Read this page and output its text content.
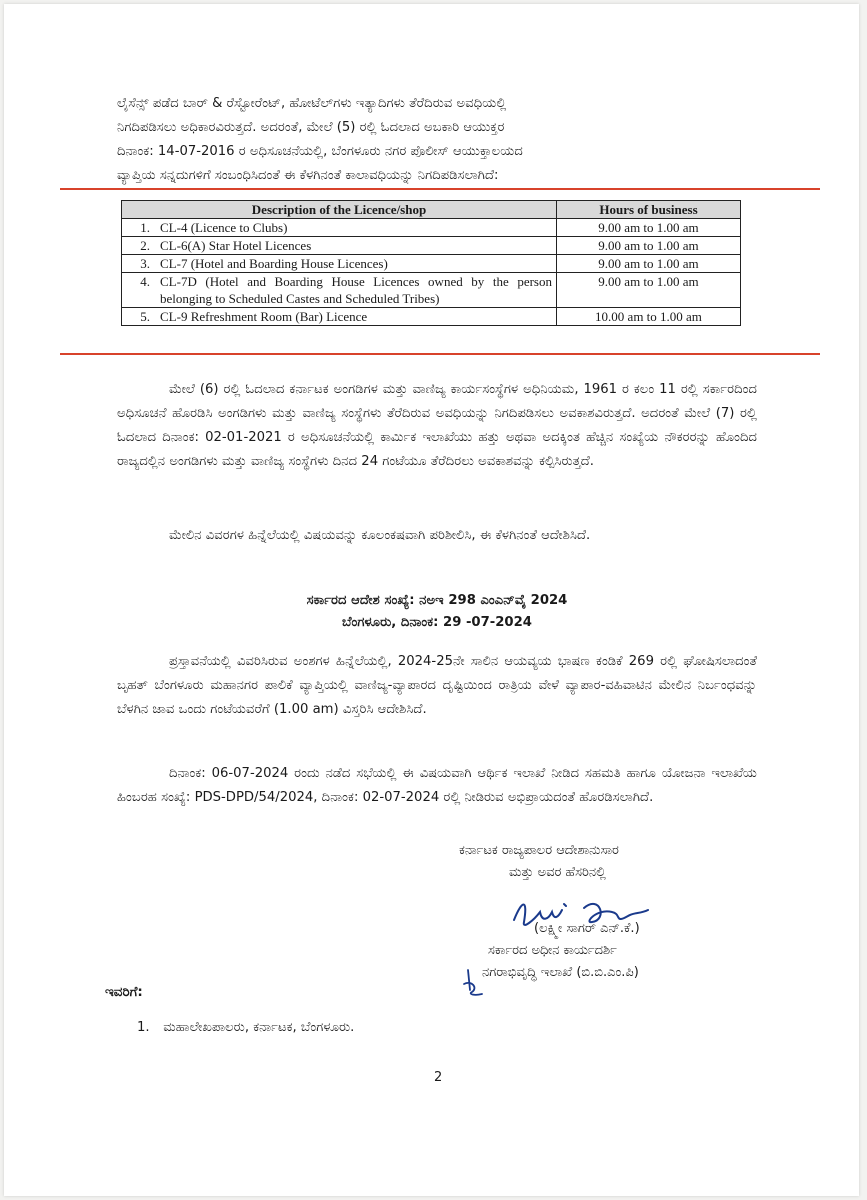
ಲೈಸೆನ್ಸ್ ಪಡೆದ ಬಾರ್ & ರೆಸ್ಟೋರೆಂಟ್, ಹೋಟೆಲ್‌ಗಳು ಇತ್ಯಾದಿಗಳು ತೆರೆದಿರುವ ಅವಧಿಯಲ್ಲಿ
ನಿಗದಿಪಡಿಸಲು ಅಧಿಕಾರವಿರುತ್ತದೆ. ಅದರಂತೆ, ಮೇಲೆ (5) ರಲ್ಲಿ ಓದಲಾದ ಅಬಕಾರಿ ಆಯುಕ್ತರ
ದಿನಾಂಕ: 14-07-2016 ರ ಅಧಿಸೂಚನೆಯಲ್ಲಿ, ಬೆಂಗಳೂರು ನಗರ ಪೊಲೀಸ್ ಆಯುಕ್ತಾಲಯದ
ವ್ಯಾಪ್ತಿಯ ಸನ್ನದುಗಳಿಗೆ ಸಂಬಂಧಿಸಿದಂತೆ ಈ ಕೆಳಗಿನಂತೆ ಕಾಲಾವಧಿಯನ್ನು ನಿಗದಿಪಡಿಸಲಾಗಿದೆ:
Description of the Licence/shop	Hours of business
1. CL-4 (Licence to Clubs)	9.00 am to 1.00 am
2. CL-6(A) Star Hotel Licences	9.00 am to 1.00 am
3. CL-7 (Hotel and Boarding House Licences)	9.00 am to 1.00 am
4. CL-7D (Hotel and Boarding House Licences owned by the person belonging to Scheduled Castes and Scheduled Tribes)	9.00 am to 1.00 am
5. CL-9 Refreshment Room (Bar) Licence	10.00 am to 1.00 am

ಮೇಲೆ (6) ರಲ್ಲಿ ಓದಲಾದ ಕರ್ನಾಟಕ ಅಂಗಡಿಗಳ ಮತ್ತು ವಾಣಿಜ್ಯ ಕಾರ್ಯಸಂಸ್ಥೆಗಳ ಅಧಿನಿಯಮ, 1961 ರ ಕಲಂ 11 ರಲ್ಲಿ ಸರ್ಕಾರದಿಂದ ಅಧಿಸೂಚನೆ ಹೊರಡಿಸಿ ಅಂಗಡಿಗಳು ಮತ್ತು ವಾಣಿಜ್ಯ ಸಂಸ್ಥೆಗಳು ತೆರೆದಿರುವ ಅವಧಿಯನ್ನು ನಿಗದಿಪಡಿಸಲು ಅವಕಾಶವಿರುತ್ತದೆ. ಅದರಂತೆ ಮೇಲೆ (7) ರಲ್ಲಿ ಓದಲಾದ ದಿನಾಂಕ: 02-01-2021 ರ ಅಧಿಸೂಚನೆಯಲ್ಲಿ ಕಾರ್ಮಿಕ ಇಲಾಖೆಯು ಹತ್ತು ಅಥವಾ ಅದಕ್ಕಿಂತ ಹೆಚ್ಚಿನ ಸಂಖ್ಯೆಯ ನೌಕರರನ್ನು ಹೊಂದಿದ ರಾಜ್ಯದಲ್ಲಿನ ಅಂಗಡಿಗಳು ಮತ್ತು ವಾಣಿಜ್ಯ ಸಂಸ್ಥೆಗಳು ದಿನದ 24 ಗಂಟೆಯೂ ತೆರೆದಿರಲು ಅವಕಾಶವನ್ನು ಕಲ್ಪಿಸಿರುತ್ತದೆ.

ಮೇಲಿನ ವಿವರಗಳ ಹಿನ್ನೆಲೆಯಲ್ಲಿ ವಿಷಯವನ್ನು ಕೂಲಂಕಷವಾಗಿ ಪರಿಶೀಲಿಸಿ, ಈ ಕೆಳಗಿನಂತೆ ಆದೇಶಿಸಿದೆ.

ಸರ್ಕಾರದ ಆದೇಶ ಸಂಖ್ಯೆ: ನಅಇ 298 ಎಂಎನ್‌ವೈ 2024
ಬೆಂಗಳೂರು, ದಿನಾಂಕ: 29 -07-2024

ಪ್ರಸ್ತಾವನೆಯಲ್ಲಿ ವಿವರಿಸಿರುವ ಅಂಶಗಳ ಹಿನ್ನೆಲೆಯಲ್ಲಿ, 2024-25ನೇ ಸಾಲಿನ ಆಯವ್ಯಯ ಭಾಷಣ ಕಂಡಿಕೆ 269 ರಲ್ಲಿ ಘೋಷಿಸಲಾದಂತೆ ಬೃಹತ್ ಬೆಂಗಳೂರು ಮಹಾನಗರ ಪಾಲಿಕೆ ವ್ಯಾಪ್ತಿಯಲ್ಲಿ ವಾಣಿಜ್ಯ-ವ್ಯಾಪಾರದ ದೃಷ್ಟಿಯಿಂದ ರಾತ್ರಿಯ ವೇಳೆ ವ್ಯಾಪಾರ-ವಹಿವಾಟಿನ ಮೇಲಿನ ನಿರ್ಬಂಧವನ್ನು ಬೆಳಗಿನ ಜಾವ ಒಂದು ಗಂಟೆಯವರೆಗೆ (1.00 am) ವಿಸ್ತರಿಸಿ ಆದೇಶಿಸಿದೆ.

ದಿನಾಂಕ: 06-07-2024 ರಂದು ನಡೆದ ಸಭೆಯಲ್ಲಿ ಈ ವಿಷಯವಾಗಿ ಆರ್ಥಿಕ ಇಲಾಖೆ ನೀಡಿದ ಸಹಮತಿ ಹಾಗೂ ಯೋಜನಾ ಇಲಾಖೆಯ ಹಿಂಬರಹ ಸಂಖ್ಯೆ: PDS-DPD/54/2024, ದಿನಾಂಕ: 02-07-2024 ರಲ್ಲಿ ನೀಡಿರುವ ಅಭಿಪ್ರಾಯದಂತೆ ಹೊರಡಿಸಲಾಗಿದೆ.

ಕರ್ನಾಟಕ ರಾಜ್ಯಪಾಲರ ಆದೇಶಾನುಸಾರ
ಮತ್ತು ಅವರ ಹೆಸರಿನಲ್ಲಿ
(ಲಕ್ಷ್ಮೀ ಸಾಗರ್ ಎನ್.ಕೆ.)
ಸರ್ಕಾರದ ಅಧೀನ ಕಾರ್ಯದರ್ಶಿ
ನಗರಾಭಿವೃದ್ಧಿ ಇಲಾಖೆ (ಬಿ.ಬಿ.ಎಂ.ಪಿ)
ಇವರಿಗೆ:
1. ಮಹಾಲೇಖಪಾಲರು, ಕರ್ನಾಟಕ, ಬೆಂಗಳೂರು.
2
